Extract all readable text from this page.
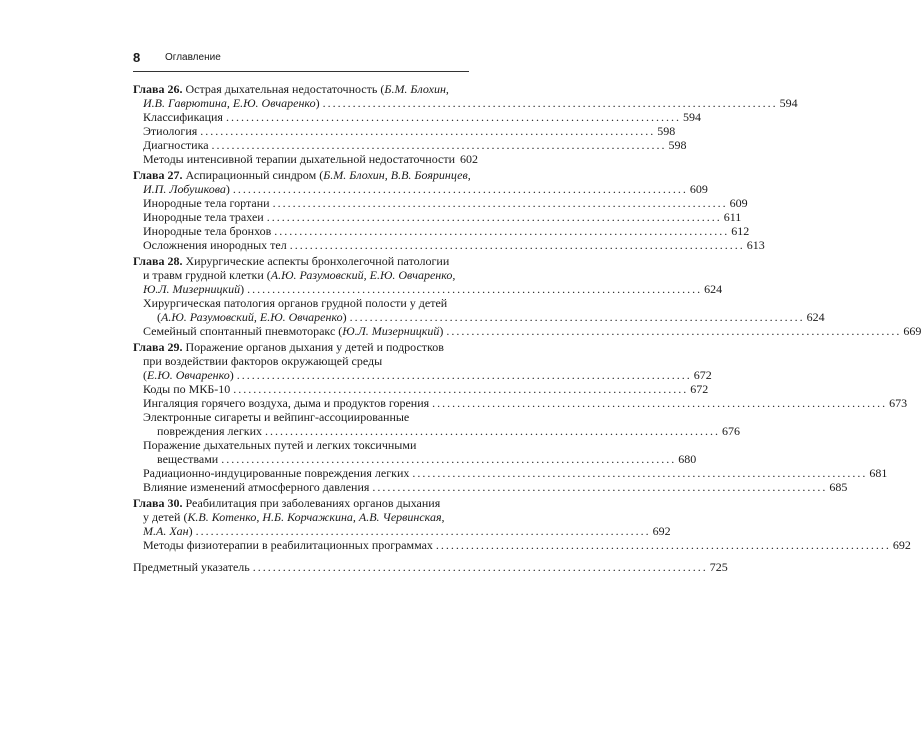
8 Оглавление
Глава 26. Острая дыхательная недостаточность (Б.М. Блохин,
И.В. Гаврютина, Е.Ю. Овчаренко) ........................................................................................... 594
Классификация ........................................................................................... 594
Этиология ........................................................................................... 598
Диагностика ........................................................................................... 598
Методы интенсивной терапии дыхательной недостаточности 602
Глава 27. Аспирационный синдром (Б.М. Блохин, В.В. Бояринцев,
И.П. Лобушкова) ........................................................................................... 609
Инородные тела гортани ........................................................................................... 609
Инородные тела трахеи ........................................................................................... 611
Инородные тела бронхов ........................................................................................... 612
Осложнения инородных тел ........................................................................................... 613
Глава 28. Хирургические аспекты бронхолегочной патологии
и травм грудной клетки (А.Ю. Разумовский, Е.Ю. Овчаренко,
Ю.Л. Мизерницкий) ........................................................................................... 624
Хирургическая патология органов грудной полости у детей
(А.Ю. Разумовский, Е.Ю. Овчаренко) ........................................................................................... 624
Семейный спонтанный пневмоторакс (Ю.Л. Мизерницкий) ........................................................................................... 669
Глава 29. Поражение органов дыхания у детей и подростков
при воздействии факторов окружающей среды
(Е.Ю. Овчаренко) ........................................................................................... 672
Коды по МКБ-10 ........................................................................................... 672
Ингаляция горячего воздуха, дыма и продуктов горения ........................................................................................... 673
Электронные сигареты и вейпинг-ассоциированные
повреждения легких ........................................................................................... 676
Поражение дыхательных путей и легких токсичными
веществами ........................................................................................... 680
Радиационно-индуцированные повреждения легких ........................................................................................... 681
Влияние изменений атмосферного давления ........................................................................................... 685
Глава 30. Реабилитация при заболеваниях органов дыхания
у детей (К.В. Котенко, Н.Б. Корчажкина, А.В. Червинская,
М.А. Хан) ........................................................................................... 692
Методы физиотерапии в реабилитационных программах ........................................................................................... 692
Предметный указатель ........................................................................................... 725
